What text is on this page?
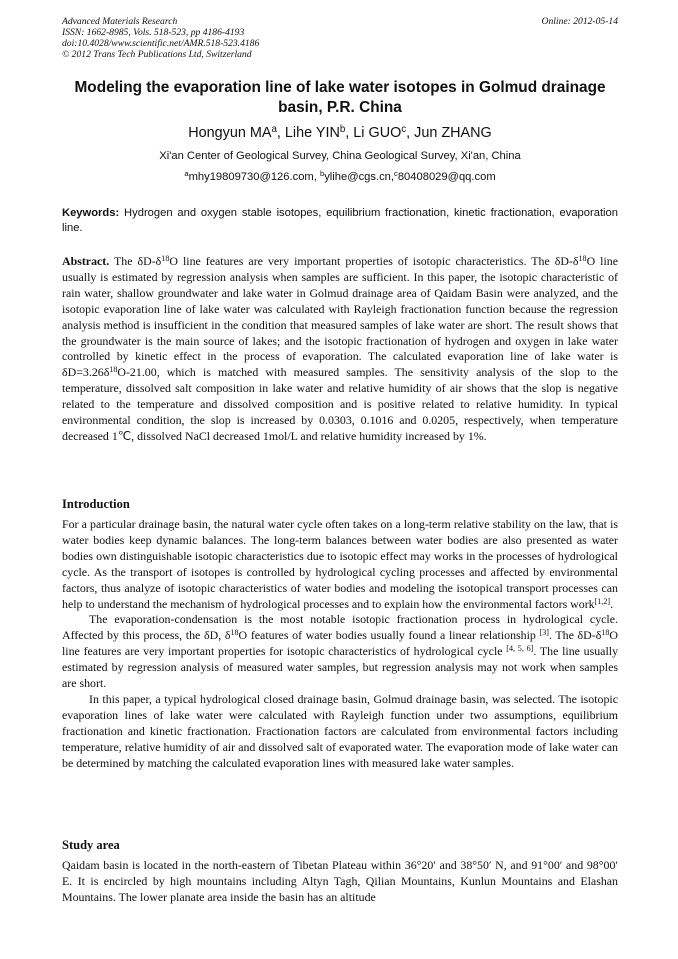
Advanced Materials Research
ISSN: 1662-8985, Vols. 518-523, pp 4186-4193
doi:10.4028/www.scientific.net/AMR.518-523.4186
© 2012 Trans Tech Publications Ltd, Switzerland
Online: 2012-05-14
Modeling the evaporation line of lake water isotopes in Golmud drainage basin, P.R. China
Hongyun $MA^a$, Lihe YIN$^b$, Li GUO$^c$, Jun ZHANG
Xi'an Center of Geological Survey, China Geological Survey, Xi'an, China
$^a$mhy19809730@126.com, $^b$ylihe@cgs.cn,$^c$80408029@qq.com
Keywords: Hydrogen and oxygen stable isotopes, equilibrium fractionation, kinetic fractionation, evaporation line.
Abstract. The $\delta D-\delta^{18}O$ line features are very important properties of isotopic characteristics. The $\delta D-\delta^{18}O$ line usually is estimated by regression analysis when samples are sufficient. In this paper, the isotopic characteristic of rain water, shallow groundwater and lake water in Golmud drainage area of Qaidam Basin were analyzed, and the isotopic evaporation line of lake water was calculated with Rayleigh fractionation function because the regression analysis method is insufficient in the condition that measured samples of lake water are short. The result shows that the groundwater is the main source of lakes; and the isotopic fractionation of hydrogen and oxygen in lake water controlled by kinetic effect in the process of evaporation. The calculated evaporation line of lake water is $\delta D=3.26\delta^{18}O-21.00$, which is matched with measured samples. The sensitivity analysis of the slop to the temperature, dissolved salt composition in lake water and relative humidity of air shows that the slop is negative related to the temperature and dissolved composition and is positive related to relative humidity. In typical environmental condition, the slop is increased by 0.0303, 0.1016 and 0.0205, respectively, when temperature decreased 1℃, dissolved NaCl decreased 1mol/L and relative humidity increased by 1%.
Introduction

For a particular drainage basin, the natural water cycle often takes on a long-term relative stability on the law, that is water bodies keep dynamic balances. The long-term balances between water bodies are also presented as water bodies own distinguishable isotopic characteristics due to isotopic effect may works in the processes of hydrological cycle. As the transport of isotopes is controlled by hydrological cycling processes and affected by environmental factors, thus analyze of isotopic characteristics of water bodies and modeling the isotopical transport processes can help to understand the mechanism of hydrological processes and to explain how the environmental factors work[1,2].

The evaporation-condensation is the most notable isotopic fractionation process in hydrological cycle. Affected by this process, the δD, $\delta^{18}O$ features of water bodies usually found a linear relationship [3]. The $\delta D-\delta^{18}O$ line features are very important properties for isotopic characteristics of hydrological cycle [4, 5, 6]. The line usually estimated by regression analysis of measured water samples, but regression analysis may not work when samples are short.

In this paper, a typical hydrological closed drainage basin, Golmud drainage basin, was selected. The isotopic evaporation lines of lake water were calculated with Rayleigh function under two assumptions, equilibrium fractionation and kinetic fractionation. Fractionation factors are calculated from environmental factors including temperature, relative humidity of air and dissolved salt of evaporated water. The evaporation mode of lake water can be determined by matching the calculated evaporation lines with measured lake water samples.

Study area
Qaidam basin is located in the north-eastern of Tibetan Plateau within 36°20′ and 38°50′ N, and 91°00′ and 98°00′ E. It is encircled by high mountains including Altyn Tagh, Qilian Mountains, Kunlun Mountains and Elashan Mountains. The lower planate area inside the basin has an altitude
